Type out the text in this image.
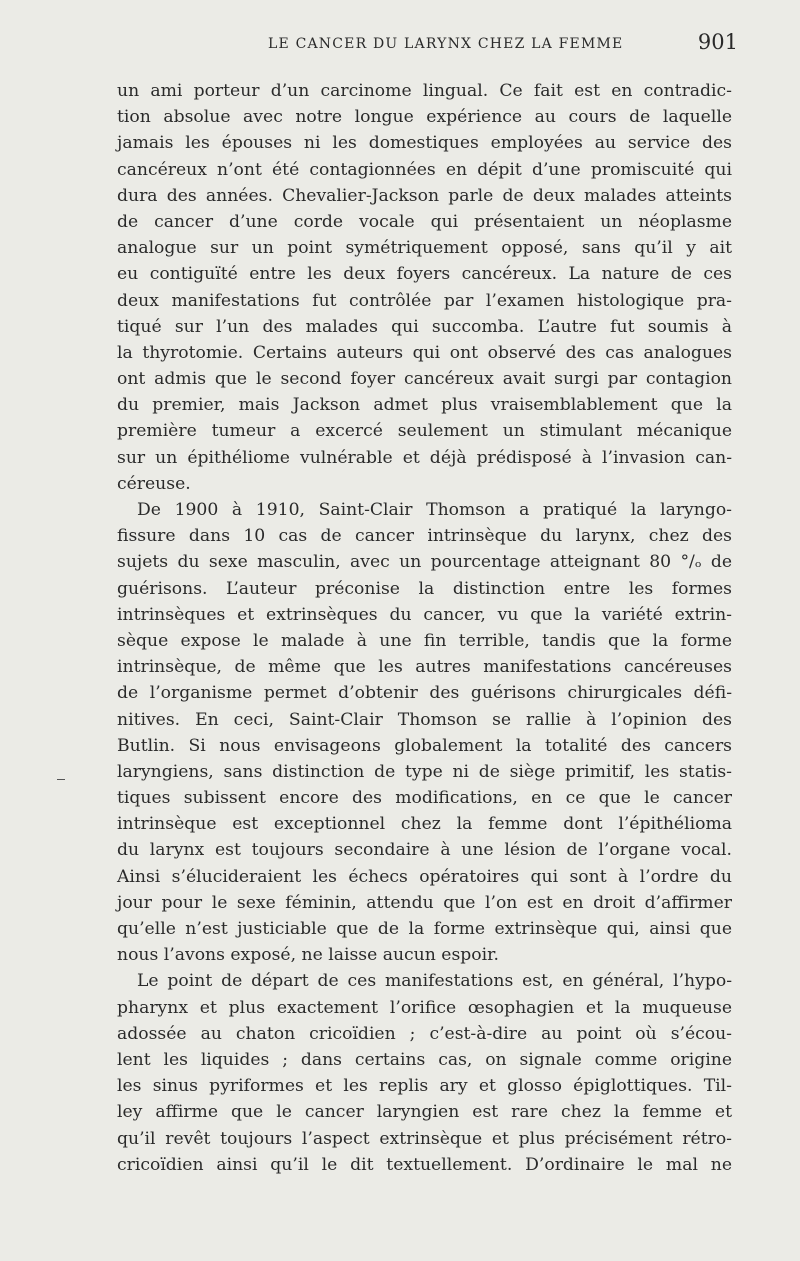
LE CANCER DU LARYNX CHEZ LA FEMME	901
un ami porteur d’un carcinome lingual. Ce fait est en contradic-
tion absolue avec notre longue expérience au cours de laquelle
jamais les épouses ni les domestiques employées au service des
cancéreux n’ont été contagionnées en dépit d’une promiscuité qui
dura des années. Chevalier-Jackson parle de deux malades atteints
de cancer d’une corde vocale qui présentaient un néoplasme
analogue sur un point symétriquement opposé, sans qu’il y ait
eu contiguïté entre les deux foyers cancéreux. La nature de ces
deux manifestations fut contrôlée par l’examen histologique pra-
tiqué sur l’un des malades qui succomba. L’autre fut soumis à
la thyrotomie. Certains auteurs qui ont observé des cas analogues
ont admis que le second foyer cancéreux avait surgi par contagion
du premier, mais Jackson admet plus vraisemblablement que la
première tumeur a excercé seulement un stimulant mécanique
sur un épithéliome vulnérable et déjà prédisposé à l’invasion can-
céreuse.
De 1900 à 1910, Saint-Clair Thomson a pratiqué la laryngo-
fissure dans 10 cas de cancer intrinsèque du larynx, chez des
sujets du sexe masculin, avec un pourcentage atteignant 80 °/ₒ de
guérisons. L’auteur préconise la distinction entre les formes
intrinsèques et extrinsèques du cancer, vu que la variété extrin-
sèque expose le malade à une fin terrible, tandis que la forme
intrinsèque, de même que les autres manifestations cancéreuses
de l’organisme permet d’obtenir des guérisons chirurgicales défi-
nitives. En ceci, Saint-Clair Thomson se rallie à l’opinion des
Butlin. Si nous envisageons globalement la totalité des cancers
laryngiens, sans distinction de type ni de siège primitif, les statis-
tiques subissent encore des modifications, en ce que le cancer
intrinsèque est exceptionnel chez la femme dont l’épithélioma
du larynx est toujours secondaire à une lésion de l’organe vocal.
Ainsi s’élucideraient les échecs opératoires qui sont à l’ordre du
jour pour le sexe féminin, attendu que l’on est en droit d’affirmer
qu’elle n’est justiciable que de la forme extrinsèque qui, ainsi que
nous l’avons exposé, ne laisse aucun espoir.
Le point de départ de ces manifestations est, en général, l’hypo-
pharynx et plus exactement l’orifice œsophagien et la muqueuse
adossée au chaton cricoïdien ; c’est-à-dire au point où s’écou-
lent les liquides ; dans certains cas, on signale comme origine
les sinus pyriformes et les replis ary et glosso épiglottiques. Til-
ley affirme que le cancer laryngien est rare chez la femme et
qu’il revêt toujours l’aspect extrinsèque et plus précisément rétro-
cricoïdien ainsi qu’il le dit textuellement. D’ordinaire le mal ne
